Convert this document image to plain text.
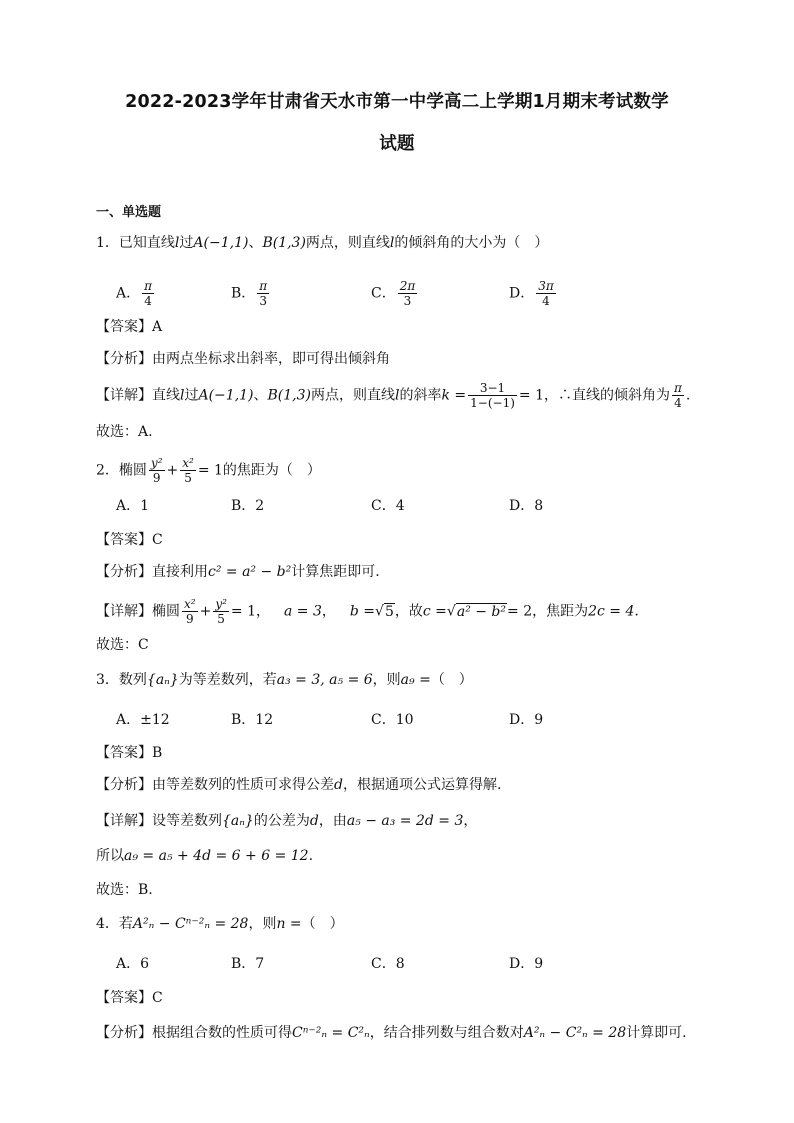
2022-2023学年甘肃省天水市第一中学高二上学期1月期末考试数学
试题
一、单选题
1．已知直线l过A(−1,1)、B(1,3)两点，则直线l的倾斜角的大小为（　）
A． $\frac{\pi}{4}$	B． $\frac{\pi}{3}$	C． $\frac{2\pi}{3}$	D． $\frac{3\pi}{4}$
【答案】A
【分析】由两点坐标求出斜率，即可得出倾斜角
【详解】直线l过A(−1,1)、B(1,3)两点，则直线l的斜率$k = \frac{3-1}{1-(-1)} = 1$，∴直线的倾斜角为 $\frac{\pi}{4}$ .
故选：A.
2．椭圆 $\frac{\text{y²}}{9} + \frac{\text{x²}}{5} = 1$的焦距为（　）
A．1	B．2	C．4	D．8
【答案】C
【分析】直接利用c² = a² − b²计算焦距即可.
【详解】椭圆 $\frac{\text{x²}}{9} + \frac{\text{y²}}{5} = 1$，  a = 3， b =√5，故c =√a² − b²= 2，焦距为2c = 4.
故选：C
3．数列{aₙ}为等差数列，若a₃ = 3, a₅ = 6，则a₉ =（　）
A．±12	B．12	C．10	D．9
【答案】B
【分析】由等差数列的性质可求得公差d，根据通项公式运算得解.
【详解】设等差数列{aₙ}的公差为d，由a₅ − a₃ = 2d = 3，
所以a₉ = a₅ + 4d = 6 + 6 = 12.
故选：B.
4．若A²ₙ − Cⁿ⁻²ₙ = 28，则n =（　）
A．6	B．7	C．8	D．9
【答案】C
【分析】根据组合数的性质可得Cⁿ⁻²ₙ = C²ₙ，结合排列数与组合数对A²ₙ − C²ₙ = 28计算即可.
